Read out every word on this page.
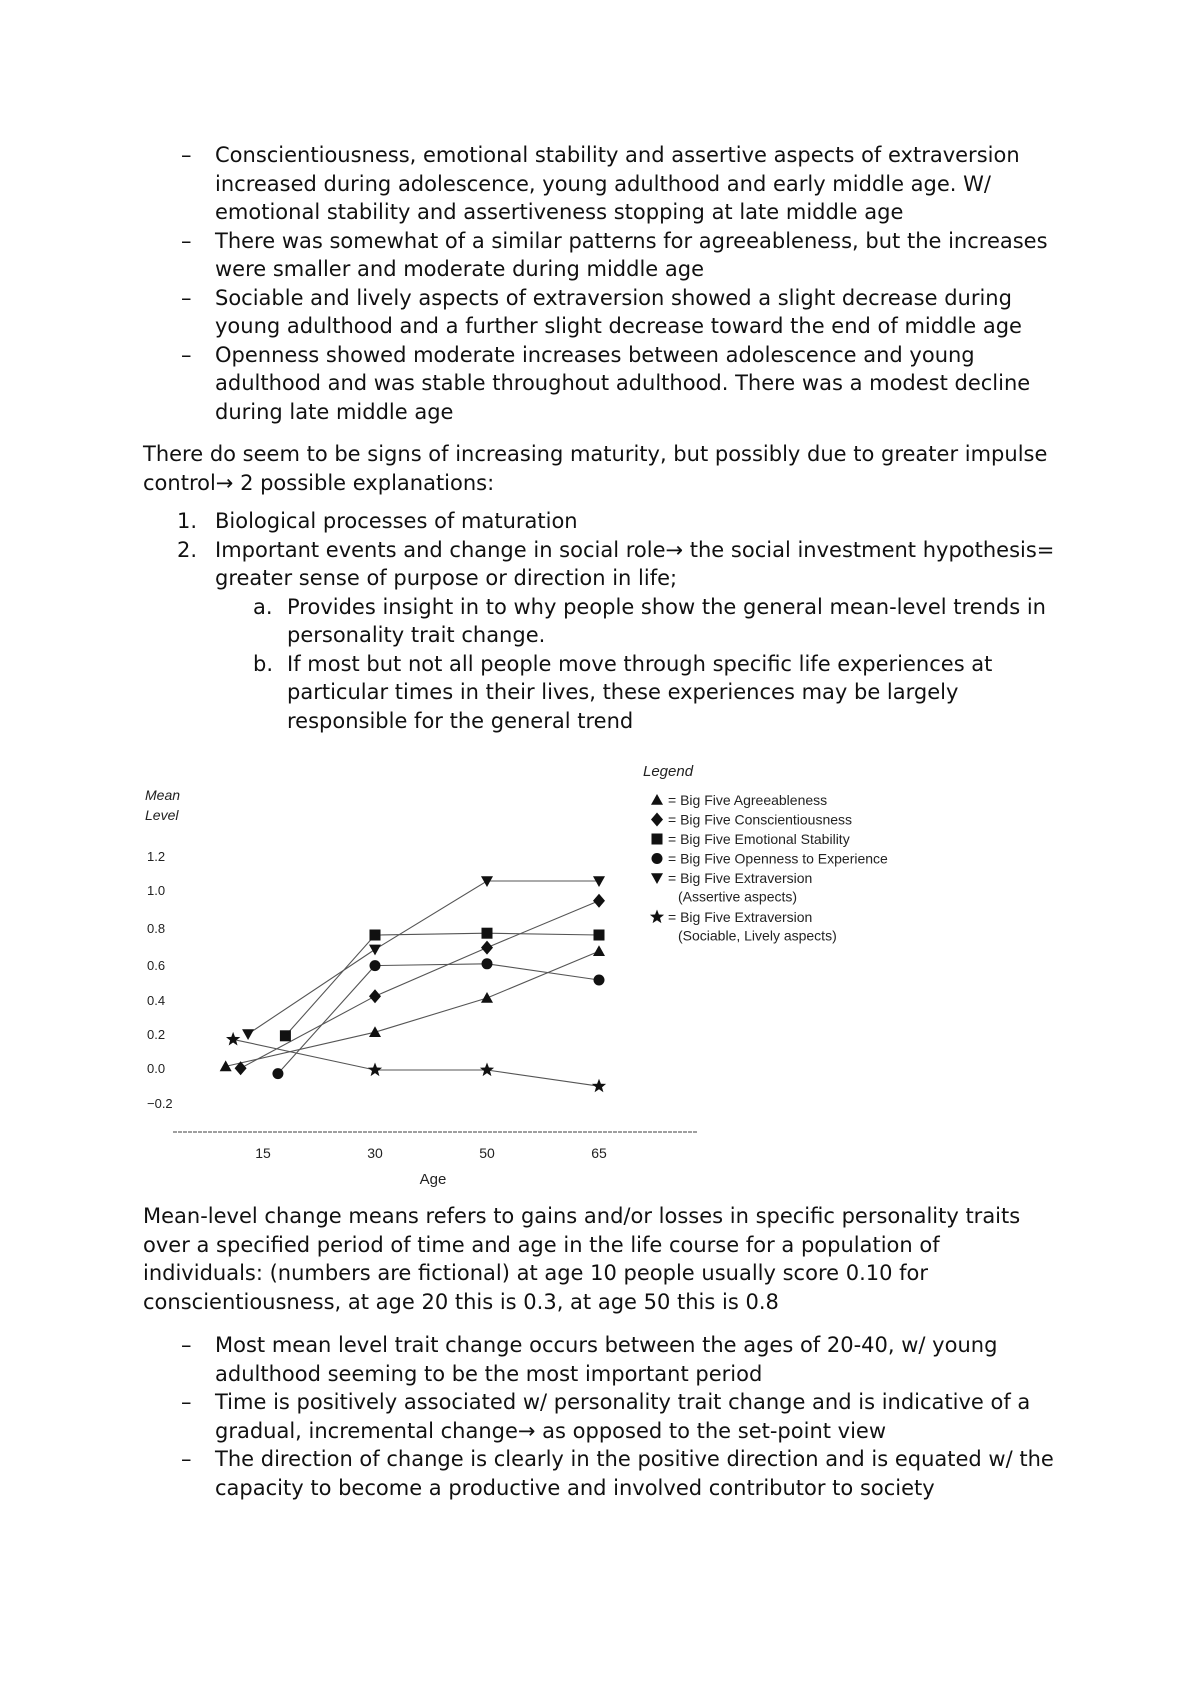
– Conscientiousness, emotional stability and assertive aspects of extraversion increased during adolescence, young adulthood and early middle age. W/ emotional stability and assertiveness stopping at late middle age
– There was somewhat of a similar patterns for agreeableness, but the increases were smaller and moderate during middle age
– Sociable and lively aspects of extraversion showed a slight decrease during young adulthood and a further slight decrease toward the end of middle age
– Openness showed moderate increases between adolescence and young adulthood and was stable throughout adulthood. There was a modest decline during late middle age

There do seem to be signs of increasing maturity, but possibly due to greater impulse control→ 2 possible explanations:

1. Biological processes of maturation
2. Important events and change in social role→ the social investment hypothesis= greater sense of purpose or direction in life;
a. Provides insight in to why people show the general mean-level trends in personality trait change.
b. If most but not all people move through specific life experiences at particular times in their lives, these experiences may be largely responsible for the general trend
Mean
Level
1.2
1.0
0.8
0.6
0.4
0.2
0.0
−0.2
15	30	50	65
Age
Legend
= Big Five Agreeableness
= Big Five Conscientiousness
= Big Five Emotional Stability
= Big Five Openness to Experience
= Big Five Extraversion
(Assertive aspects)
= Big Five Extraversion
(Sociable, Lively aspects)

Mean-level change means refers to gains and/or losses in specific personality traits over a specified period of time and age in the life course for a population of individuals: (numbers are fictional) at age 10 people usually score 0.10 for conscientiousness, at age 20 this is 0.3, at age 50 this is 0.8

– Most mean level trait change occurs between the ages of 20-40, w/ young adulthood seeming to be the most important period
– Time is positively associated w/ personality trait change and is indicative of a gradual, incremental change→ as opposed to the set-point view
– The direction of change is clearly in the positive direction and is equated w/ the capacity to become a productive and involved contributor to society
